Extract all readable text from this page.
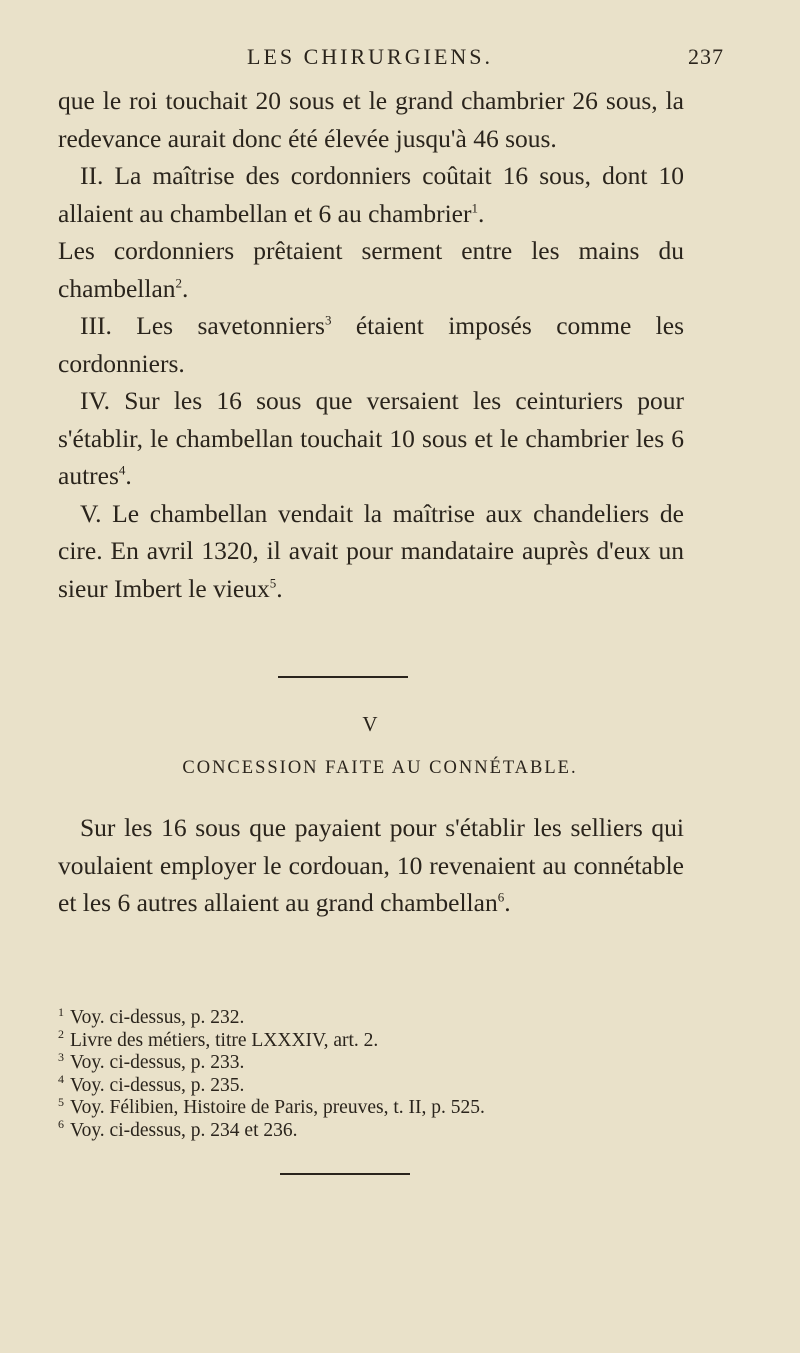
LES CHIRURGIENS.	237

que le roi touchait 20 sous et le grand chambrier 26 sous, la redevance aurait donc été élevée jusqu'à 46 sous.

II. La maîtrise des cordonniers coûtait 16 sous, dont 10 allaient au chambellan et 6 au chambrier$^1$.

Les cordonniers prêtaient serment entre les mains du chambellan$^2$.

III. Les savetonniers$^3$ étaient imposés comme les cordonniers.

IV. Sur les 16 sous que versaient les ceinturiers pour s'établir, le chambellan touchait 10 sous et le chambrier les 6 autres$^4$.

V. Le chambellan vendait la maîtrise aux chandeliers de cire. En avril 1320, il avait pour mandataire auprès d'eux un sieur Imbert le vieux$^5$.

V
CONCESSION FAITE AU CONNÉTABLE.

Sur les 16 sous que payaient pour s'établir les selliers qui voulaient employer le cordouan, 10 revenaient au connétable et les 6 autres allaient au grand chambellan$^6$.

$^1$ Voy. ci-dessus, p. 232.
$^2$ Livre des métiers, titre LXXXIV, art. 2.
$^3$ Voy. ci-dessus, p. 233.
$^4$ Voy. ci-dessus, p. 235.
$^5$ Voy. Félibien, Histoire de Paris, preuves, t. II, p. 525.
$^6$ Voy. ci-dessus, p. 234 et 236.
